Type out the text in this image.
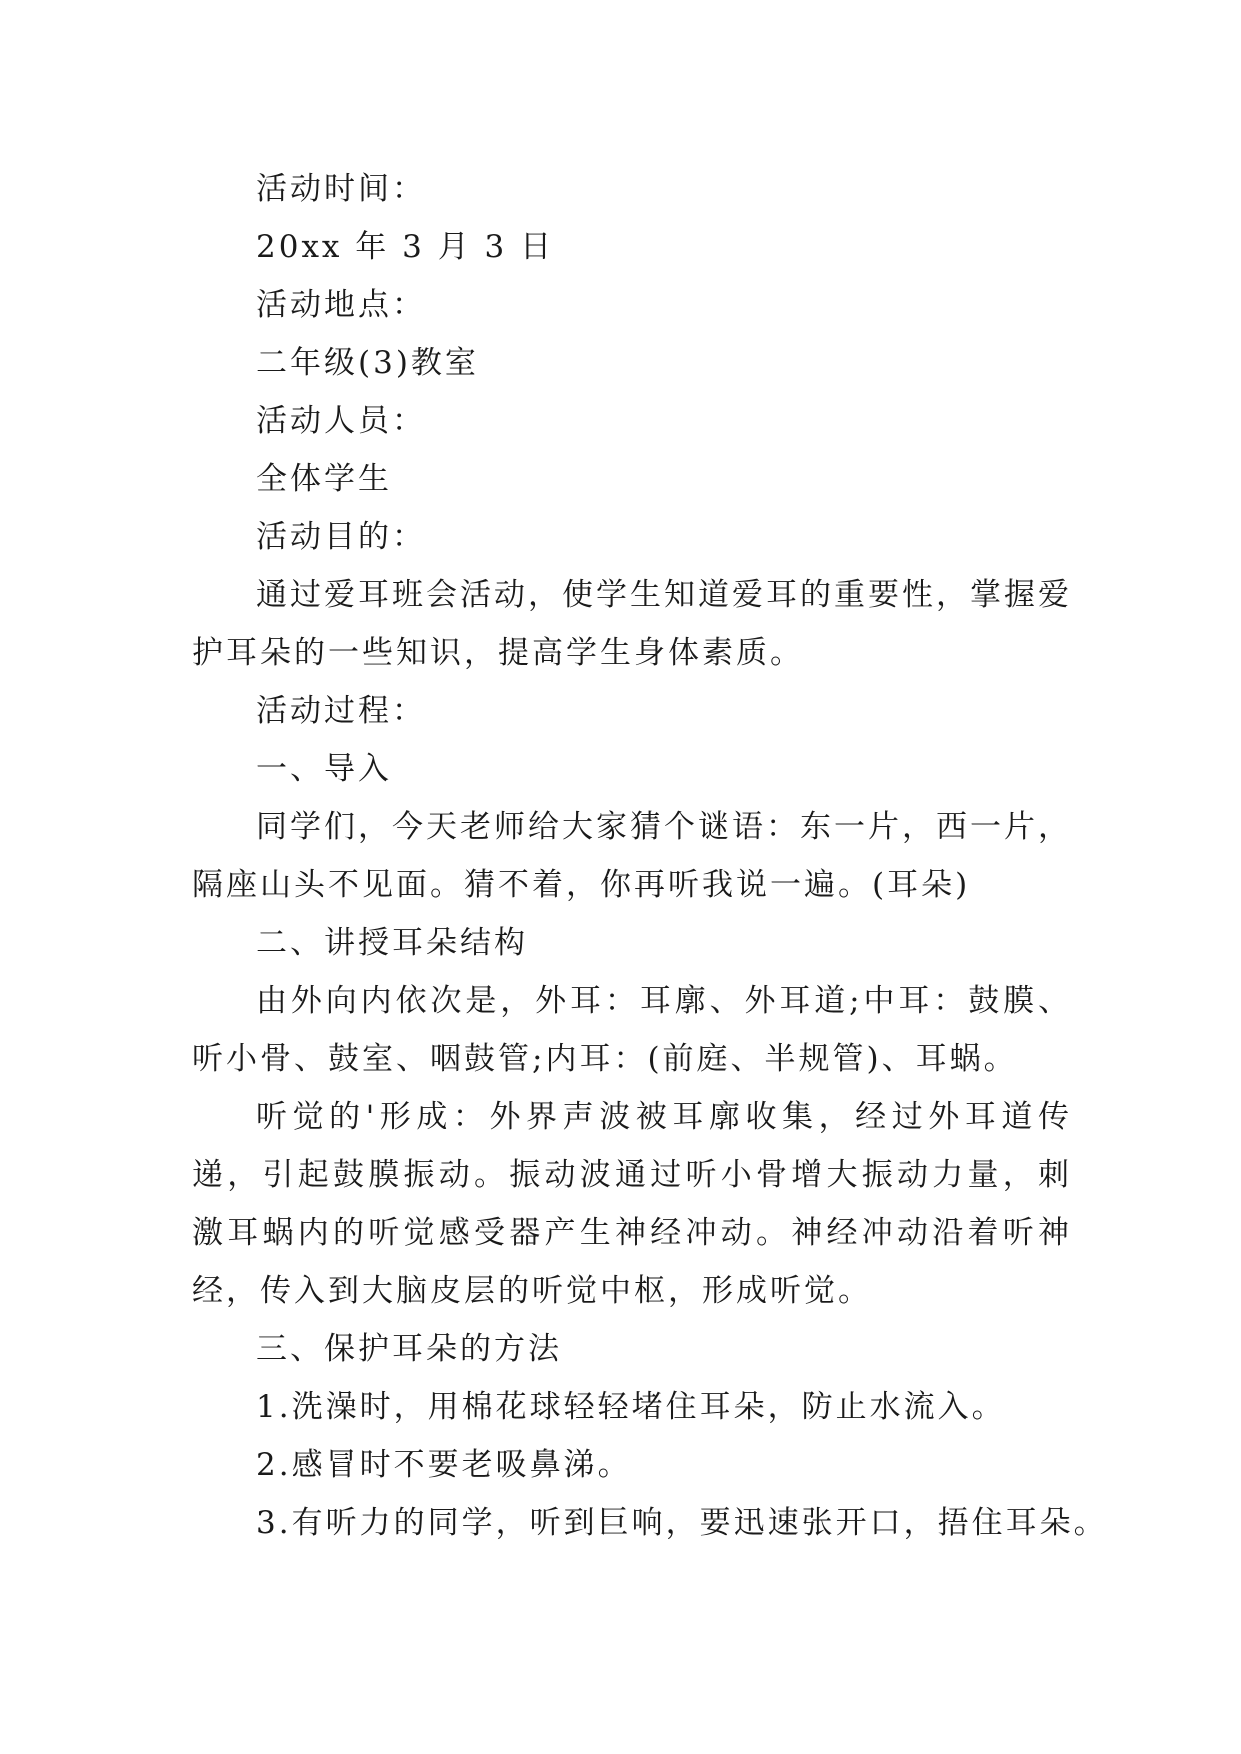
活动时间：
20xx 年 3 月 3 日
活动地点：
二年级(3)教室
活动人员：
全体学生
活动目的：

通过爱耳班会活动，使学生知道爱耳的重要性，掌握爱护耳朵的一些知识，提高学生身体素质。

活动过程：
一、导入

同学们，今天老师给大家猜个谜语：东一片，西一片，隔座山头不见面。猜不着，你再听我说一遍。(耳朵)

二、讲授耳朵结构

由外向内依次是，外耳：耳廓、外耳道;中耳：鼓膜、听小骨、鼓室、咽鼓管;内耳：(前庭、半规管)、耳蜗。

听觉的'形成：外界声波被耳廓收集，经过外耳道传递，引起鼓膜振动。振动波通过听小骨增大振动力量，刺激耳蜗内的听觉感受器产生神经冲动。神经冲动沿着听神经，传入到大脑皮层的听觉中枢，形成听觉。

三、保护耳朵的方法
1.洗澡时，用棉花球轻轻堵住耳朵，防止水流入。
2.感冒时不要老吸鼻涕。
3.有听力的同学，听到巨响，要迅速张开口，捂住耳朵。
